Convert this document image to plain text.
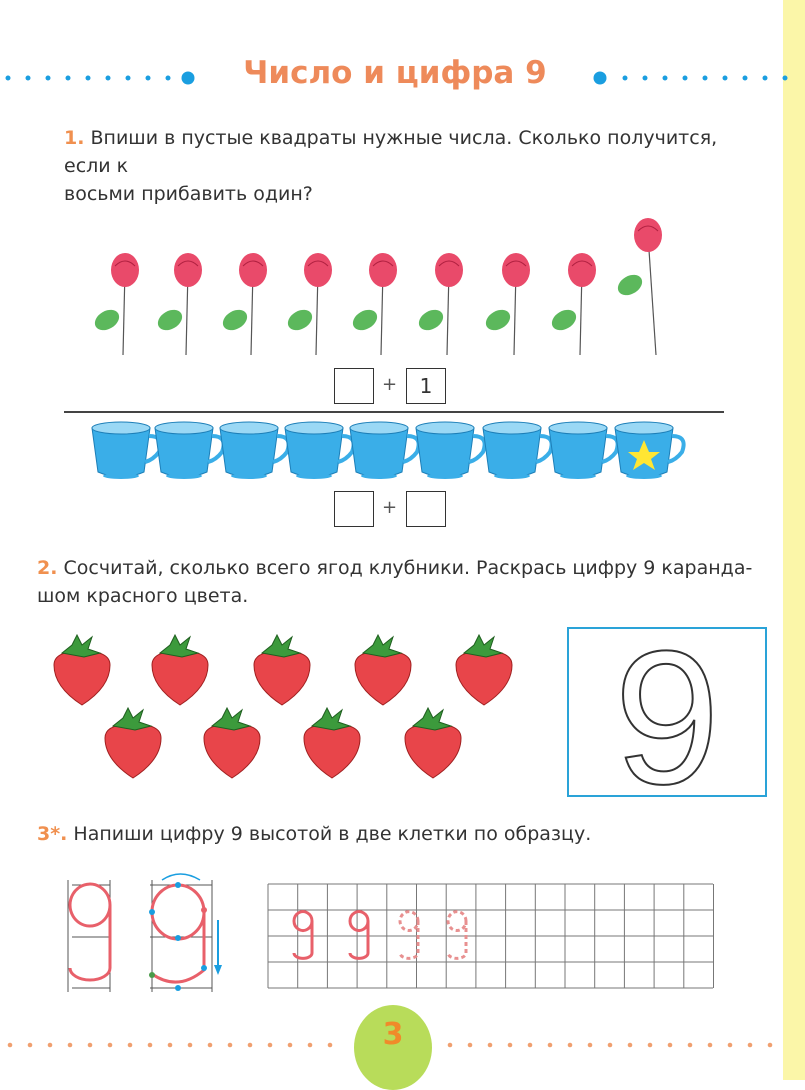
Число и цифра 9
1. Впиши в пустые квадраты нужные числа. Сколько получится, если к
восьми прибавить один?
+	1
+
2. Сосчитай, сколько всего ягод клубники. Раскрась цифру 9 каранда-
шом красного цвета.
9
3*. Напиши цифру 9 высотой в две клетки по образцу.
3
